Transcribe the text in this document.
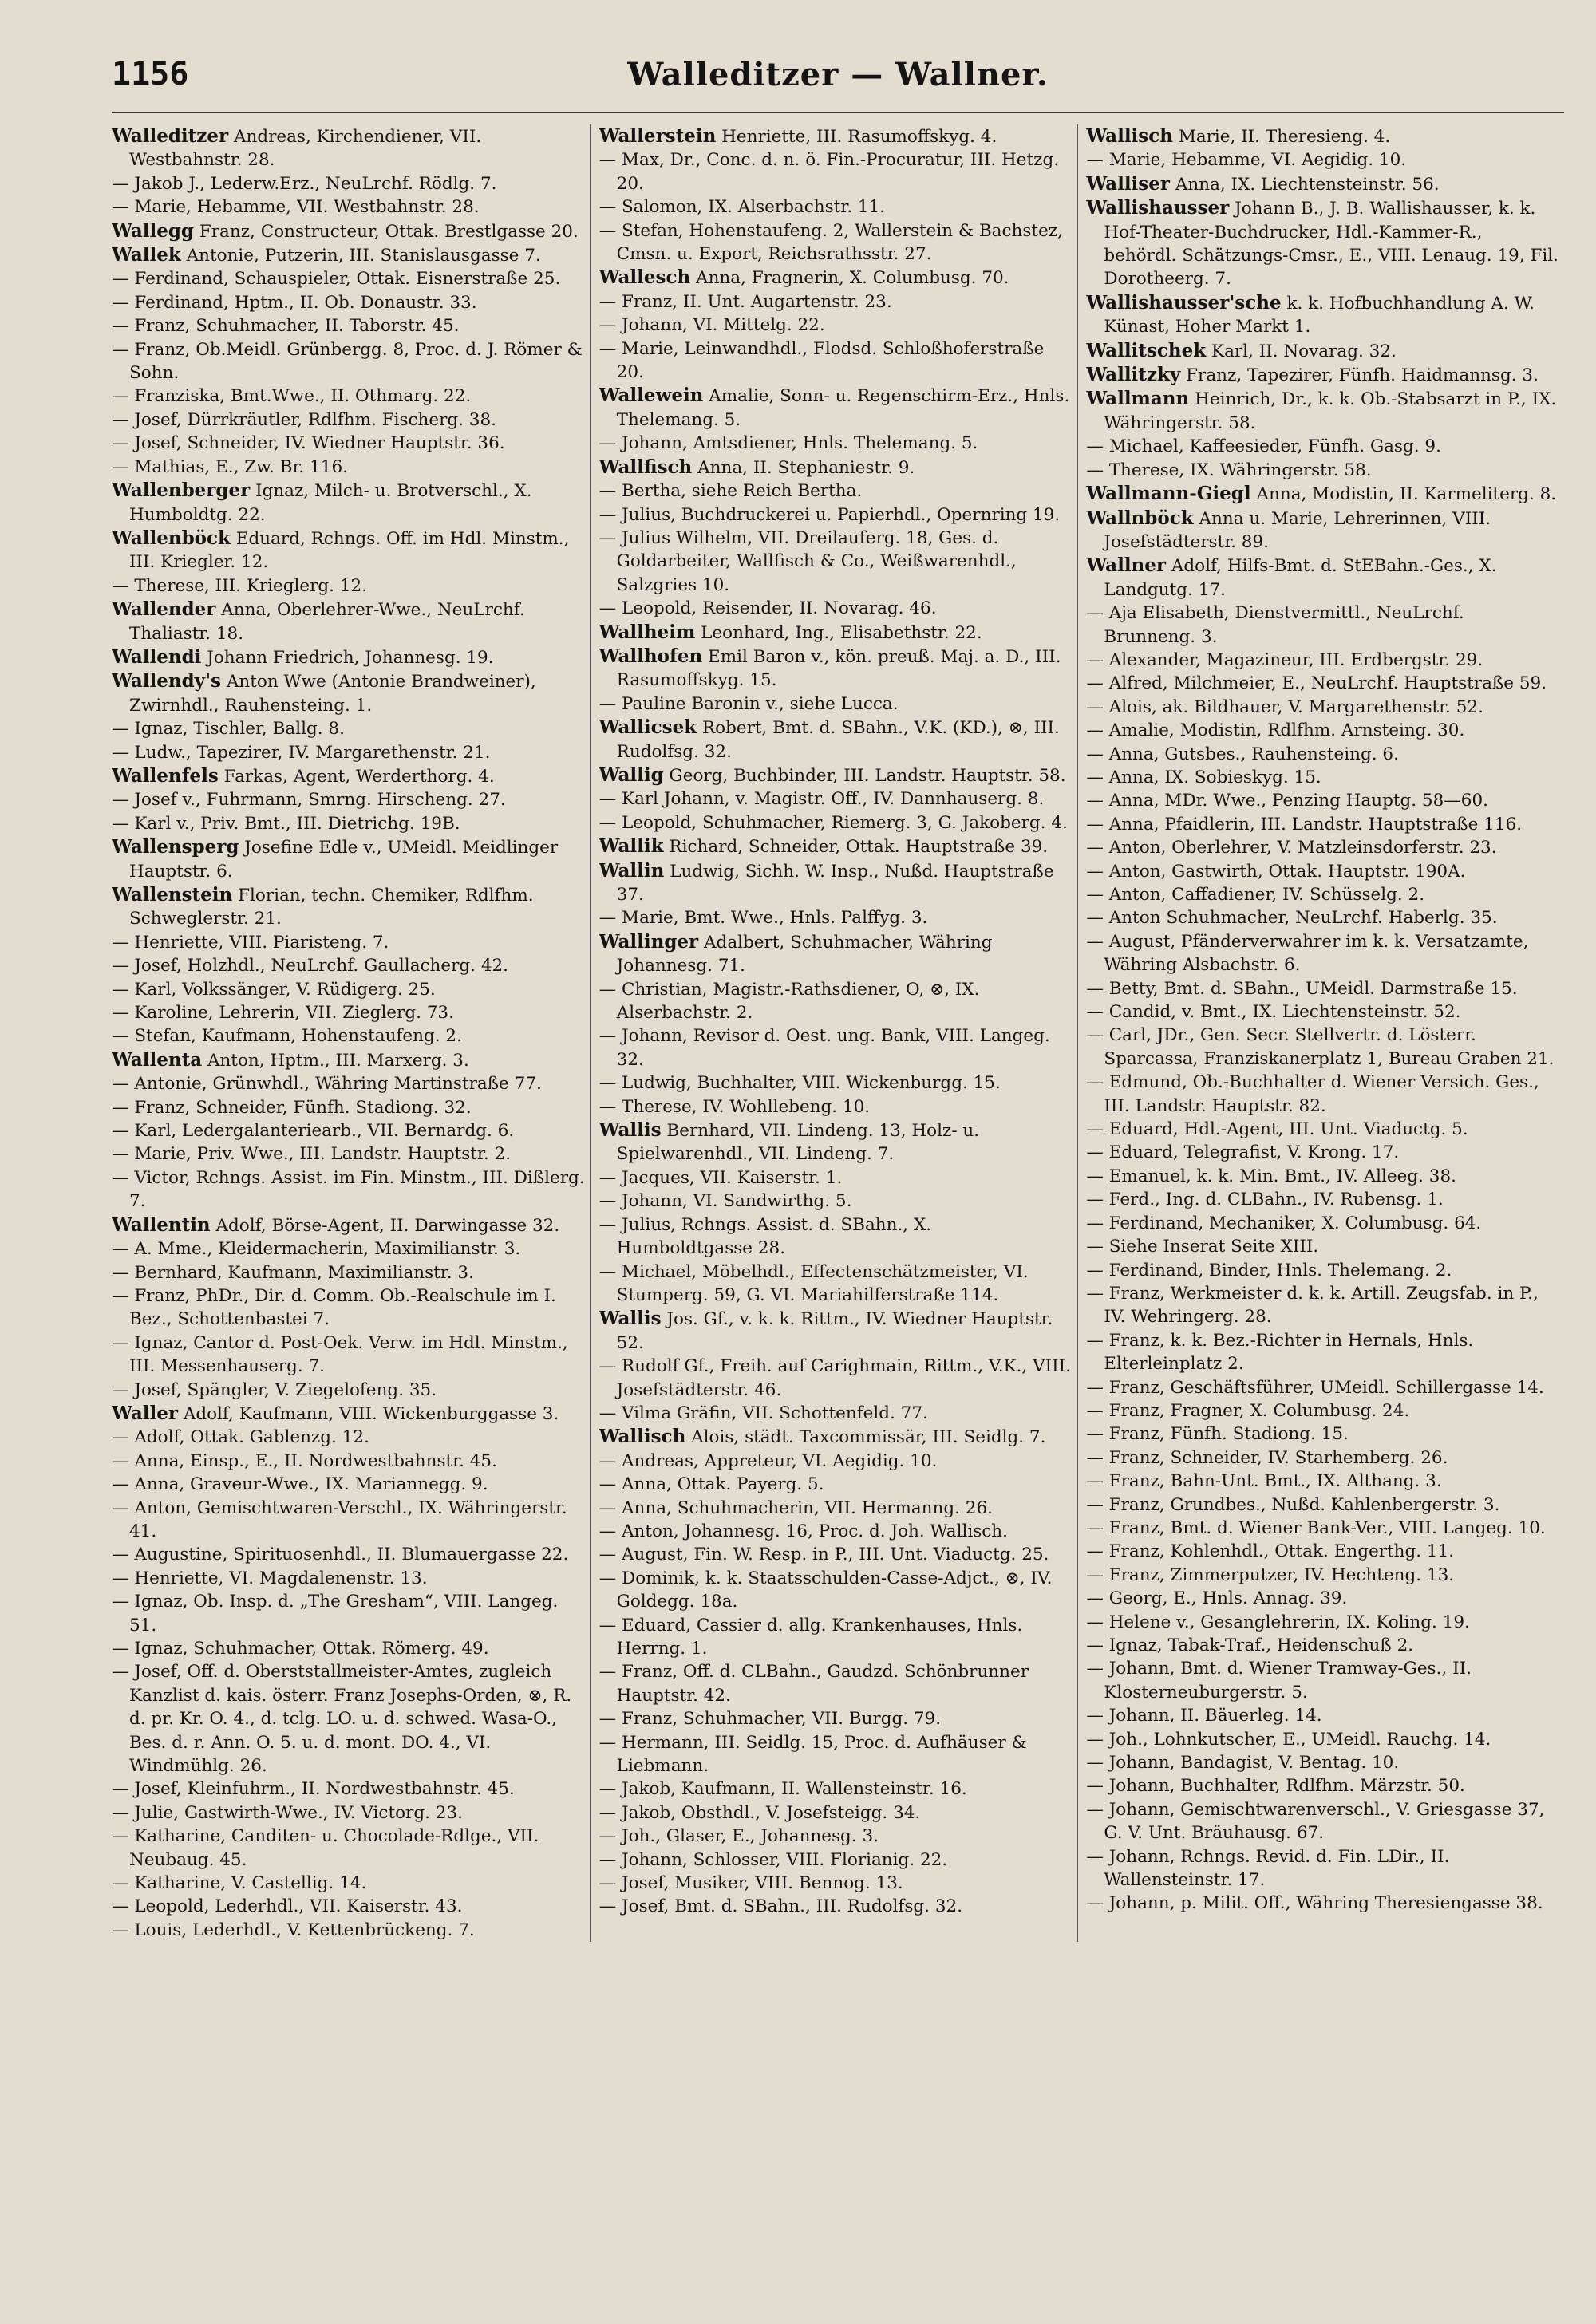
1156	Walleditzer — Wallner.

Walleditzer Andreas, Kirchendiener, VII. Westbahnstr. 28.

— Jakob J., Lederw.Erz., NeuLrchf. Rödlg. 7.

— Marie, Hebamme, VII. Westbahnstr. 28.

Wallegg Franz, Constructeur, Ottak. Brestlgasse 20.

Wallek Antonie, Putzerin, III. Stanislausgasse 7.

— Ferdinand, Schauspieler, Ottak. Eisnerstraße 25.

— Ferdinand, Hptm., II. Ob. Donaustr. 33.

— Franz, Schuhmacher, II. Taborstr. 45.

— Franz, Ob.Meidl. Grünbergg. 8, Proc. d. J. Römer & Sohn.

— Franziska, Bmt.Wwe., II. Othmarg. 22.

— Josef, Dürrkräutler, Rdlfhm. Fischerg. 38.

— Josef, Schneider, IV. Wiedner Hauptstr. 36.

— Mathias, E., Zw. Br. 116.

Wallenberger Ignaz, Milch- u. Brotverschl., X. Humboldtg. 22.

Wallenböck Eduard, Rchngs. Off. im Hdl. Minstm., III. Kriegler. 12.

— Therese, III. Krieglerg. 12.

Wallender Anna, Oberlehrer-Wwe., NeuLrchf. Thaliastr. 18.

Wallendi Johann Friedrich, Johannesg. 19.

Wallendy's Anton Wwe (Antonie Brandweiner), Zwirnhdl., Rauhensteing. 1.

— Ignaz, Tischler, Ballg. 8.

— Ludw., Tapezirer, IV. Margarethenstr. 21.

Wallenfels Farkas, Agent, Werderthorg. 4.

— Josef v., Fuhrmann, Smrng. Hirscheng. 27.

— Karl v., Priv. Bmt., III. Dietrichg. 19B.

Wallensperg Josefine Edle v., UMeidl. Meidlinger Hauptstr. 6.

Wallenstein Florian, techn. Chemiker, Rdlfhm. Schweglerstr. 21.

— Henriette, VIII. Piaristeng. 7.

— Josef, Holzhdl., NeuLrchf. Gaullacherg. 42.

— Karl, Volkssänger, V. Rüdigerg. 25.

— Karoline, Lehrerin, VII. Zieglerg. 73.

— Stefan, Kaufmann, Hohenstaufeng. 2.

Wallenta Anton, Hptm., III. Marxerg. 3.

— Antonie, Grünwhdl., Währing Martinstraße 77.

— Franz, Schneider, Fünfh. Stadiong. 32.

— Karl, Ledergalanteriearb., VII. Bernardg. 6.

— Marie, Priv. Wwe., III. Landstr. Hauptstr. 2.

— Victor, Rchngs. Assist. im Fin. Minstm., III. Dißlerg. 7.

Wallentin Adolf, Börse-Agent, II. Darwingasse 32.

— A. Mme., Kleidermacherin, Maximilianstr. 3.

— Bernhard, Kaufmann, Maximilianstr. 3.

— Franz, PhDr., Dir. d. Comm. Ob.-Realschule im I. Bez., Schottenbastei 7.

— Ignaz, Cantor d. Post-Oek. Verw. im Hdl. Minstm., III. Messenhauserg. 7.

— Josef, Spängler, V. Ziegelofeng. 35.

Waller Adolf, Kaufmann, VIII. Wickenburggasse 3.

— Adolf, Ottak. Gablenzg. 12.

— Anna, Einsp., E., II. Nordwestbahnstr. 45.

— Anna, Graveur-Wwe., IX. Mariannegg. 9.

— Anton, Gemischtwaren-Verschl., IX. Währingerstr. 41.

— Augustine, Spirituosenhdl., II. Blumauergasse 22.

— Henriette, VI. Magdalenenstr. 13.

— Ignaz, Ob. Insp. d. „The Gresham“, VIII. Langeg. 51.

— Ignaz, Schuhmacher, Ottak. Römerg. 49.

— Josef, Off. d. Oberststallmeister-Amtes, zugleich Kanzlist d. kais. österr. Franz Josephs-Orden, ⊗, R. d. pr. Kr. O. 4., d. tclg. LO. u. d. schwed. Wasa-O., Bes. d. r. Ann. O. 5. u. d. mont. DO. 4., VI. Windmühlg. 26.

— Josef, Kleinfuhrm., II. Nordwestbahnstr. 45.

— Julie, Gastwirth-Wwe., IV. Victorg. 23.

— Katharine, Canditen- u. Chocolade-Rdlge., VII. Neubaug. 45.

— Katharine, V. Castellig. 14.

— Leopold, Lederhdl., VII. Kaiserstr. 43.

— Louis, Lederhdl., V. Kettenbrückeng. 7.

Wallerstein Henriette, III. Rasumoffskyg. 4.

— Max, Dr., Conc. d. n. ö. Fin.-Procuratur, III. Hetzg. 20.

— Salomon, IX. Alserbachstr. 11.

— Stefan, Hohenstaufeng. 2, Wallerstein & Bachstez, Cmsn. u. Export, Reichsrathsstr. 27.

Wallesch Anna, Fragnerin, X. Columbusg. 70.

— Franz, II. Unt. Augartenstr. 23.

— Johann, VI. Mittelg. 22.

— Marie, Leinwandhdl., Flodsd. Schloßhoferstraße 20.

Wallewein Amalie, Sonn- u. Regenschirm-Erz., Hnls. Thelemang. 5.

— Johann, Amtsdiener, Hnls. Thelemang. 5.

Wallfisch Anna, II. Stephaniestr. 9.

— Bertha, siehe Reich Bertha.

— Julius, Buchdruckerei u. Papierhdl., Opernring 19.

— Julius Wilhelm, VII. Dreilauferg. 18, Ges. d. Goldarbeiter, Wallfisch & Co., Weißwarenhdl., Salzgries 10.

— Leopold, Reisender, II. Novarag. 46.

Wallheim Leonhard, Ing., Elisabethstr. 22.

Wallhofen Emil Baron v., kön. preuß. Maj. a. D., III. Rasumoffskyg. 15.

— Pauline Baronin v., siehe Lucca.

Wallicsek Robert, Bmt. d. SBahn., V.K. (KD.), ⊗, III. Rudolfsg. 32.

Wallig Georg, Buchbinder, III. Landstr. Hauptstr. 58.

— Karl Johann, v. Magistr. Off., IV. Dannhauserg. 8.

— Leopold, Schuhmacher, Riemerg. 3, G. Jakoberg. 4.

Wallik Richard, Schneider, Ottak. Hauptstraße 39.

Wallin Ludwig, Sichh. W. Insp., Nußd. Hauptstraße 37.

— Marie, Bmt. Wwe., Hnls. Palffyg. 3.

Wallinger Adalbert, Schuhmacher, Währing Johannesg. 71.

— Christian, Magistr.-Rathsdiener, O, ⊗, IX. Alserbachstr. 2.

— Johann, Revisor d. Oest. ung. Bank, VIII. Langeg. 32.

— Ludwig, Buchhalter, VIII. Wickenburgg. 15.

— Therese, IV. Wohllebeng. 10.

Wallis Bernhard, VII. Lindeng. 13, Holz- u. Spielwarenhdl., VII. Lindeng. 7.

— Jacques, VII. Kaiserstr. 1.

— Johann, VI. Sandwirthg. 5.

— Julius, Rchngs. Assist. d. SBahn., X. Humboldtgasse 28.

— Michael, Möbelhdl., Effectenschätzmeister, VI. Stumperg. 59, G. VI. Mariahilferstraße 114.

Wallis Jos. Gf., v. k. k. Rittm., IV. Wiedner Hauptstr. 52.

— Rudolf Gf., Freih. auf Carighmain, Rittm., V.K., VIII. Josefstädterstr. 46.

— Vilma Gräfin, VII. Schottenfeld. 77.

Wallisch Alois, städt. Taxcommissär, III. Seidlg. 7.

— Andreas, Appreteur, VI. Aegidig. 10.

— Anna, Ottak. Payerg. 5.

— Anna, Schuhmacherin, VII. Hermanng. 26.

— Anton, Johannesg. 16, Proc. d. Joh. Wallisch.

— August, Fin. W. Resp. in P., III. Unt. Viaductg. 25.

— Dominik, k. k. Staatsschulden-Casse-Adjct., ⊗, IV. Goldegg. 18a.

— Eduard, Cassier d. allg. Krankenhauses, Hnls. Herrng. 1.

— Franz, Off. d. CLBahn., Gaudzd. Schönbrunner Hauptstr. 42.

— Franz, Schuhmacher, VII. Burgg. 79.

— Hermann, III. Seidlg. 15, Proc. d. Aufhäuser & Liebmann.

— Jakob, Kaufmann, II. Wallensteinstr. 16.

— Jakob, Obsthdl., V. Josefsteigg. 34.

— Joh., Glaser, E., Johannesg. 3.

— Johann, Schlosser, VIII. Florianig. 22.

— Josef, Musiker, VIII. Bennog. 13.

— Josef, Bmt. d. SBahn., III. Rudolfsg. 32.

Wallisch Marie, II. Theresieng. 4.

— Marie, Hebamme, VI. Aegidig. 10.

Walliser Anna, IX. Liechtensteinstr. 56.

Wallishausser Johann B., J. B. Wallishausser, k. k. Hof-Theater-Buchdrucker, Hdl.-Kammer-R., behördl. Schätzungs-Cmsr., E., VIII. Lenaug. 19, Fil. Dorotheerg. 7.

Wallishausser'sche k. k. Hofbuchhandlung A. W. Künast, Hoher Markt 1.

Wallitschek Karl, II. Novarag. 32.

Wallitzky Franz, Tapezirer, Fünfh. Haidmannsg. 3.

Wallmann Heinrich, Dr., k. k. Ob.-Stabsarzt in P., IX. Währingerstr. 58.

— Michael, Kaffeesieder, Fünfh. Gasg. 9.

— Therese, IX. Währingerstr. 58.

Wallmann-Giegl Anna, Modistin, II. Karmeliterg. 8.

Wallnböck Anna u. Marie, Lehrerinnen, VIII. Josefstädterstr. 89.

Wallner Adolf, Hilfs-Bmt. d. StEBahn.-Ges., X. Landgutg. 17.

— Aja Elisabeth, Dienstvermittl., NeuLrchf. Brunneng. 3.

— Alexander, Magazineur, III. Erdbergstr. 29.

— Alfred, Milchmeier, E., NeuLrchf. Hauptstraße 59.

— Alois, ak. Bildhauer, V. Margarethenstr. 52.

— Amalie, Modistin, Rdlfhm. Arnsteing. 30.

— Anna, Gutsbes., Rauhensteing. 6.

— Anna, IX. Sobieskyg. 15.

— Anna, MDr. Wwe., Penzing Hauptg. 58—60.

— Anna, Pfaidlerin, III. Landstr. Hauptstraße 116.

— Anton, Oberlehrer, V. Matzleinsdorferstr. 23.

— Anton, Gastwirth, Ottak. Hauptstr. 190A.

— Anton, Caffadiener, IV. Schüsselg. 2.

— Anton Schuhmacher, NeuLrchf. Haberlg. 35.

— August, Pfänderverwahrer im k. k. Versatzamte, Währing Alsbachstr. 6.

— Betty, Bmt. d. SBahn., UMeidl. Darmstraße 15.

— Candid, v. Bmt., IX. Liechtensteinstr. 52.

— Carl, JDr., Gen. Secr. Stellvertr. d. Lösterr. Sparcassa, Franziskanerplatz 1, Bureau Graben 21.

— Edmund, Ob.-Buchhalter d. Wiener Versich. Ges., III. Landstr. Hauptstr. 82.

— Eduard, Hdl.-Agent, III. Unt. Viaductg. 5.

— Eduard, Telegrafist, V. Krong. 17.

— Emanuel, k. k. Min. Bmt., IV. Alleeg. 38.

— Ferd., Ing. d. CLBahn., IV. Rubensg. 1.

— Ferdinand, Mechaniker, X. Columbusg. 64.

— Siehe Inserat Seite XIII.

— Ferdinand, Binder, Hnls. Thelemang. 2.

— Franz, Werkmeister d. k. k. Artill. Zeugsfab. in P., IV. Wehringerg. 28.

— Franz, k. k. Bez.-Richter in Hernals, Hnls. Elterleinplatz 2.

— Franz, Geschäftsführer, UMeidl. Schillergasse 14.

— Franz, Fragner, X. Columbusg. 24.

— Franz, Fünfh. Stadiong. 15.

— Franz, Schneider, IV. Starhemberg. 26.

— Franz, Bahn-Unt. Bmt., IX. Althang. 3.

— Franz, Grundbes., Nußd. Kahlenbergerstr. 3.

— Franz, Bmt. d. Wiener Bank-Ver., VIII. Langeg. 10.

— Franz, Kohlenhdl., Ottak. Engerthg. 11.

— Franz, Zimmerputzer, IV. Hechteng. 13.

— Georg, E., Hnls. Annag. 39.

— Helene v., Gesanglehrerin, IX. Koling. 19.

— Ignaz, Tabak-Traf., Heidenschuß 2.

— Johann, Bmt. d. Wiener Tramway-Ges., II. Klosterneuburgerstr. 5.

— Johann, II. Bäuerleg. 14.

— Joh., Lohnkutscher, E., UMeidl. Rauchg. 14.

— Johann, Bandagist, V. Bentag. 10.

— Johann, Buchhalter, Rdlfhm. Märzstr. 50.

— Johann, Gemischtwarenverschl., V. Griesgasse 37, G. V. Unt. Bräuhausg. 67.

— Johann, Rchngs. Revid. d. Fin. LDir., II. Wallensteinstr. 17.

— Johann, p. Milit. Off., Währing Theresiengasse 38.
